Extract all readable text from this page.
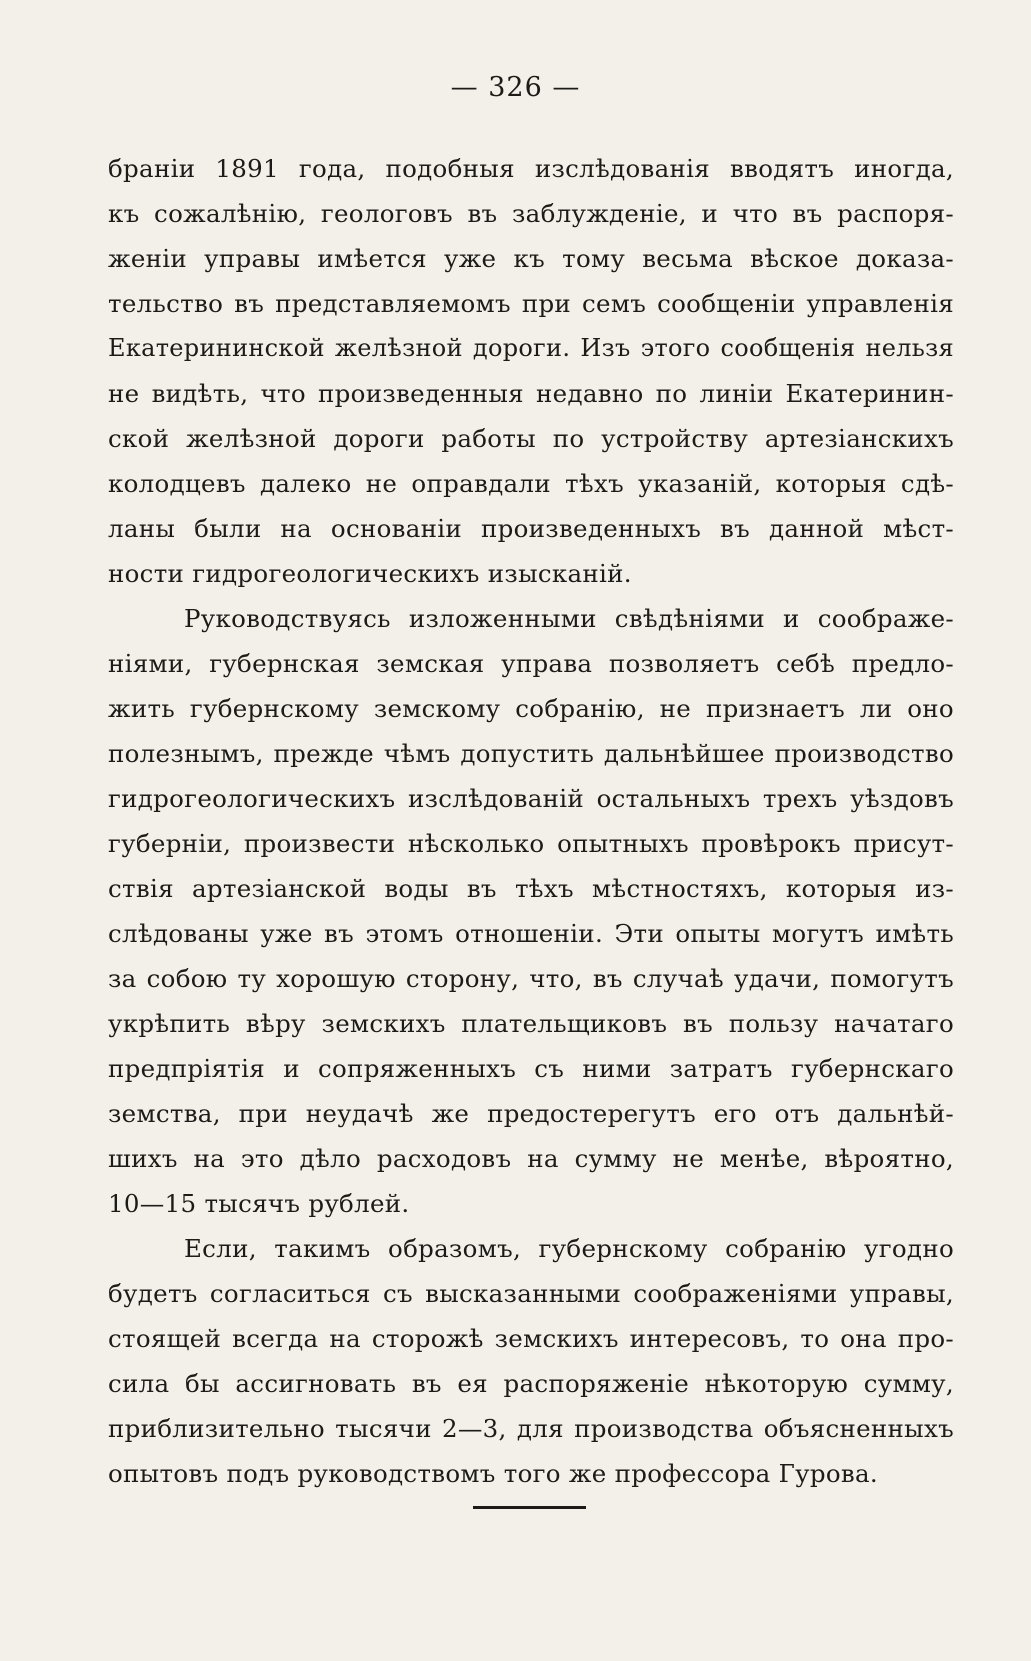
— 326 —
браніи 1891 года, подобныя изслѣдованія вводятъ иногда,
къ сожалѣнію, геологовъ въ заблужденіе, и что въ распоря-
женіи управы имѣется уже къ тому весьма вѣское доказа-
тельство въ представляемомъ при семъ сообщеніи управленія
Екатерининской желѣзной дороги. Изъ этого сообщенія нельзя
не видѣть, что произведенныя недавно по линіи Екатеринин-
ской желѣзной дороги работы по устройству артезіанскихъ
колодцевъ далеко не оправдали тѣхъ указаній, которыя сдѣ-
ланы были на основаніи произведенныхъ въ данной мѣст-
ности гидрогеологическихъ изысканій.
Руководствуясь изложенными свѣдѣніями и соображе-
ніями, губернская земская управа позволяетъ себѣ предло-
жить губернскому земскому собранію, не признаетъ ли оно
полезнымъ, прежде чѣмъ допустить дальнѣйшее производство
гидрогеологическихъ изслѣдованій остальныхъ трехъ уѣздовъ
губерніи, произвести нѣсколько опытныхъ провѣрокъ присут-
ствія артезіанской воды въ тѣхъ мѣстностяхъ, которыя из-
слѣдованы уже въ этомъ отношеніи. Эти опыты могутъ имѣть
за собою ту хорошую сторону, что, въ случаѣ удачи, помогутъ
укрѣпить вѣру земскихъ плательщиковъ въ пользу начатаго
предпріятія и сопряженныхъ съ ними затратъ губернскаго
земства, при неудачѣ же предостерегутъ его отъ дальнѣй-
шихъ на это дѣло расходовъ на сумму не менѣе, вѣроятно,
10—15 тысячъ рублей.
Если, такимъ образомъ, губернскому собранію угодно
будетъ согласиться съ высказанными соображеніями управы,
стоящей всегда на сторожѣ земскихъ интересовъ, то она про-
сила бы ассигновать въ ея распоряженіе нѣкоторую сумму,
приблизительно тысячи 2—3, для производства объясненныхъ
опытовъ подъ руководствомъ того же профессора Гурова.
